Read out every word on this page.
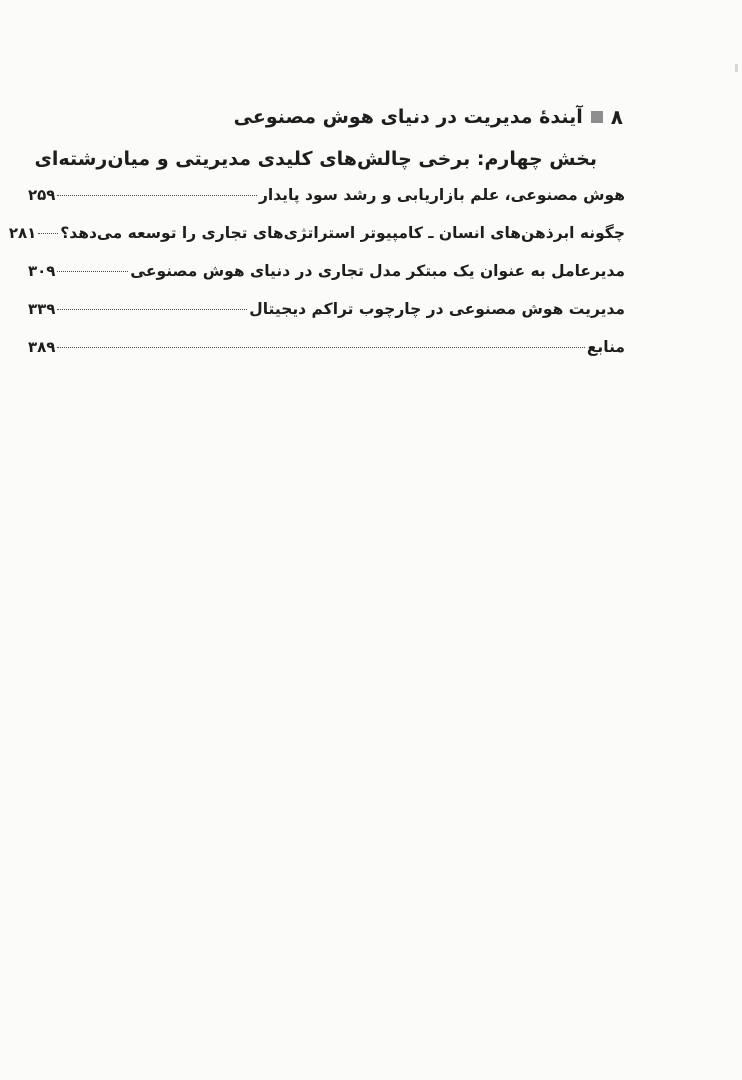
۸
آیندهٔ مدیریت در دنیای هوش مصنوعی
بخش چهارم: برخی چالش‌های کلیدی مدیریتی و میان‌رشته‌ای
هوش مصنوعی، علم بازاریابی و رشد سود پایدار
۲۵۹
چگونه ابرذهن‌های انسان ـ کامپیوتر استراتژی‌های تجاری را توسعه می‌دهد؟
۲۸۱
مدیرعامل به عنوان یک مبتکر مدل تجاری در دنیای هوش مصنوعی
۳۰۹
مدیریت هوش مصنوعی در چارچوب تراکم دیجیتال
۳۳۹
منابع
۳۸۹
